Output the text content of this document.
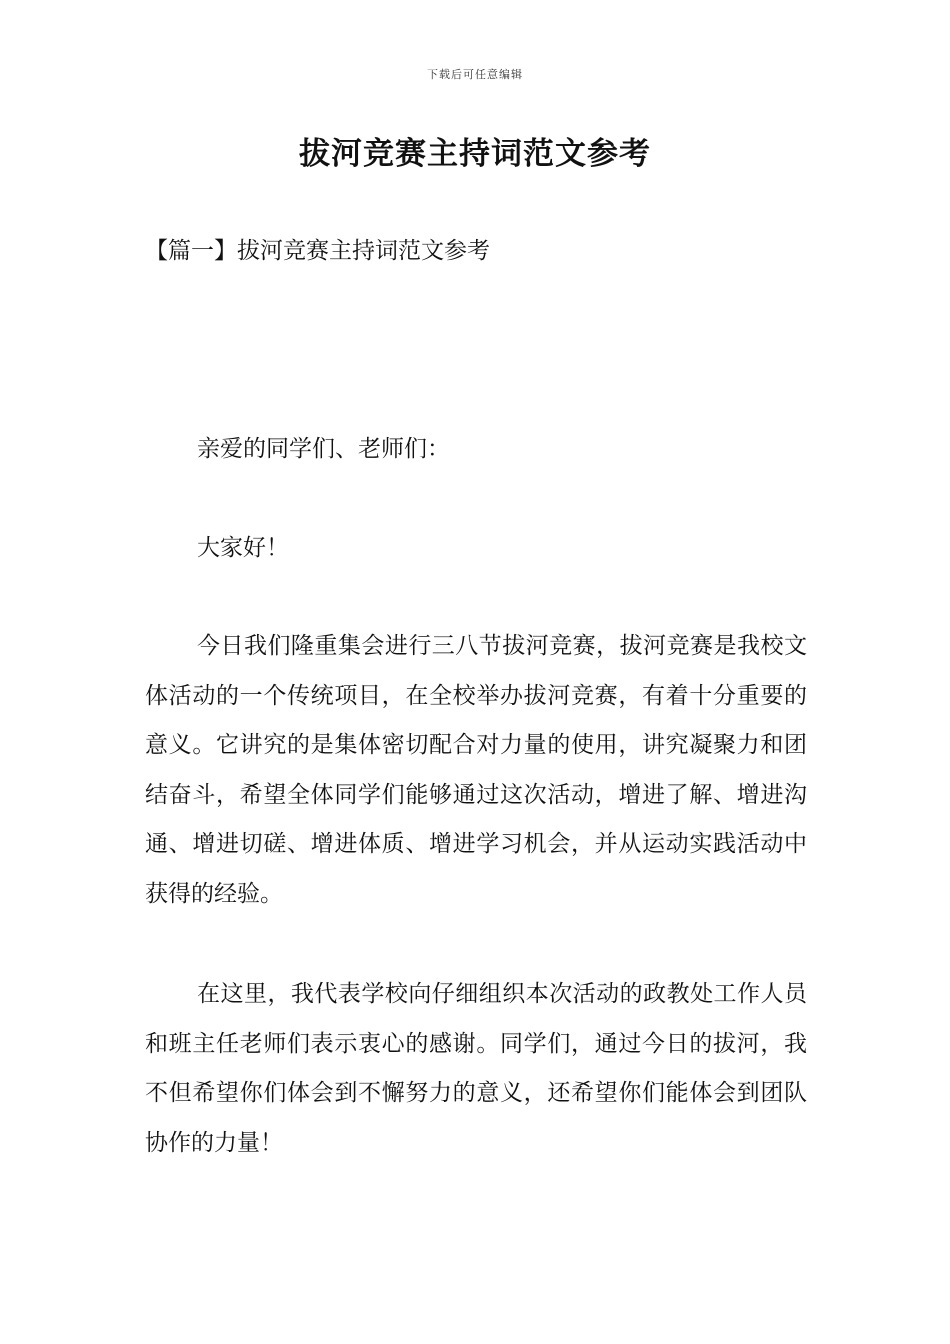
下载后可任意编辑
拔河竞赛主持词范文参考
【篇一】拔河竞赛主持词范文参考

亲爱的同学们、老师们：

大家好！

今日我们隆重集会进行三八节拔河竞赛，拔河竞赛是我校文体活动的一个传统项目，在全校举办拔河竞赛，有着十分重要的意义。它讲究的是集体密切配合对力量的使用，讲究凝聚力和团结奋斗，希望全体同学们能够通过这次活动，增进了解、增进沟通、增进切磋、增进体质、增进学习机会，并从运动实践活动中获得的经验。

在这里，我代表学校向仔细组织本次活动的政教处工作人员和班主任老师们表示衷心的感谢。同学们，通过今日的拔河，我不但希望你们体会到不懈努力的意义，还希望你们能体会到团队协作的力量！
